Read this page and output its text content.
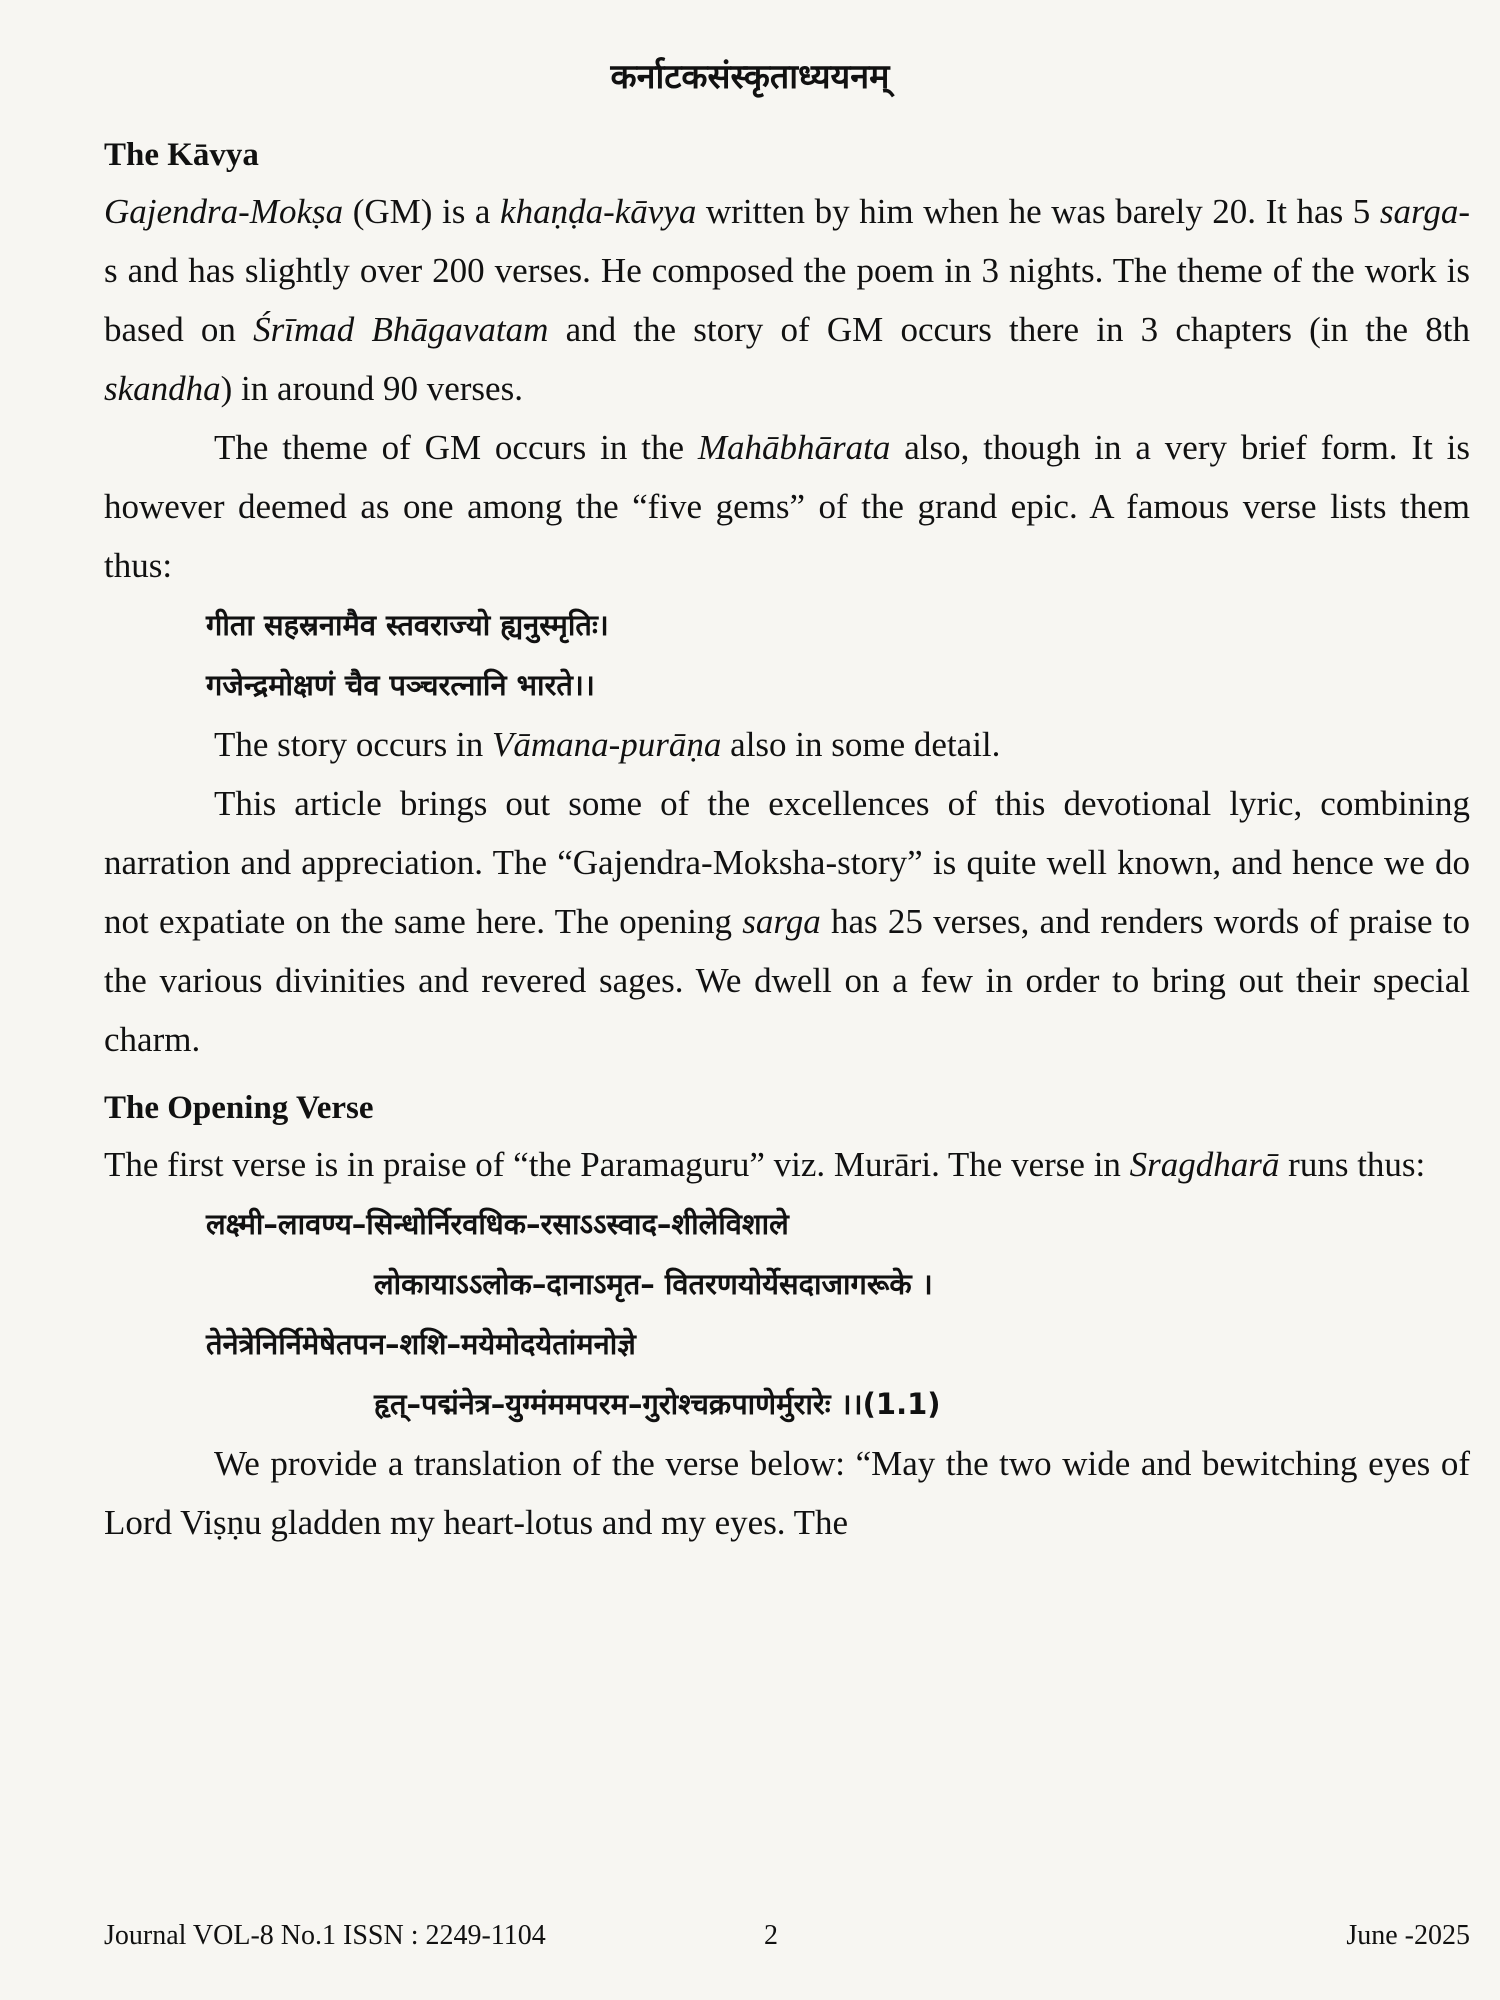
कर्नाटकसंस्कृताध्ययनम्
The Kāvya

Gajendra-Mokṣa (GM) is a khaṇḍa-kāvya written by him when he was barely 20. It has 5 sarga-s and has slightly over 200 verses. He composed the poem in 3 nights. The theme of the work is based on Śrīmad Bhāgavatam and the story of GM occurs there in 3 chapters (in the 8th skandha) in around 90 verses.

The theme of GM occurs in the Mahābhārata also, though in a very brief form. It is however deemed as one among the “five gems” of the grand epic. A famous verse lists them thus:

गीता सहस्रनामैव स्तवराज्यो ह्यनुस्मृतिः।
गजेन्द्रमोक्षणं चैव पञ्चरत्नानि भारते।।

The story occurs in Vāmana-purāṇa also in some detail.

This article brings out some of the excellences of this devotional lyric, combining narration and appreciation. The “Gajendra-Moksha-story” is quite well known, and hence we do not expatiate on the same here. The opening sarga has 25 verses, and renders words of praise to the various divinities and revered sages. We dwell on a few in order to bring out their special charm.

The Opening Verse

The first verse is in praise of “the Paramaguru” viz. Murāri. The verse in Sragdharā runs thus:

लक्ष्मी–लावण्य–सिन्धोर्निरवधिक–रसाऽऽस्वाद–शीलेविशाले
लोकायाऽऽलोक–दानाऽमृत– वितरणयोर्येसदाजागरूके ।
तेनेत्रेनिर्निमेषेतपन–शशि–मयेमोदयेतांमनोज्ञे
हृत्–पद्मंनेत्र–युग्मंममपरम–गुरोश्चक्रपाणेर्मुरारेः ।।(1.1)

We provide a translation of the verse below: “May the two wide and bewitching eyes of Lord Viṣṇu gladden my heart-lotus and my eyes. The

Journal VOL-8 No.1 ISSN : 2249-1104	2	June -2025
